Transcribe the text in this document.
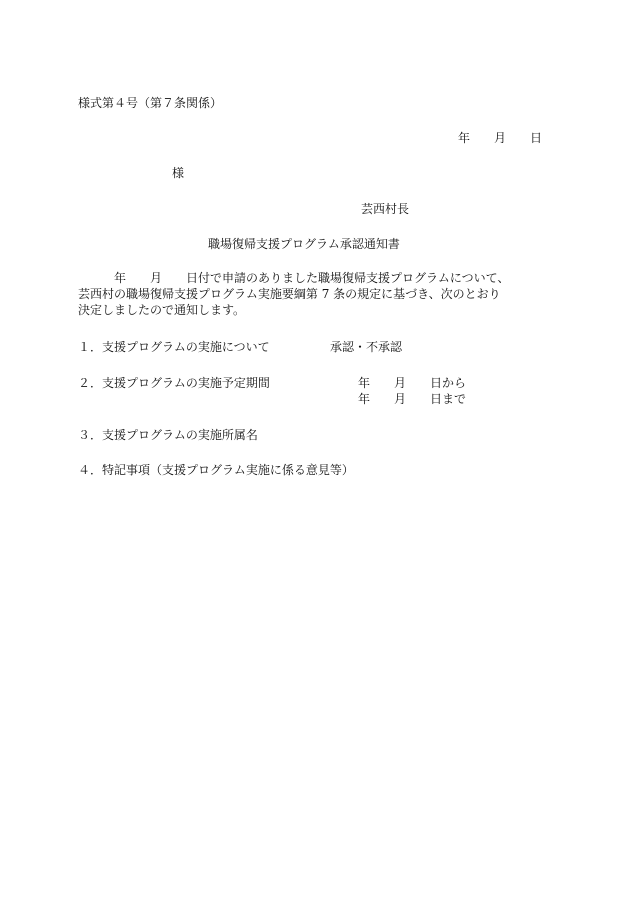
様式第４号（第７条関係）
年　　月　　日
様
芸西村長
職場復帰支援プログラム承認通知書
　　　年　　月　　日付で申請のありました職場復帰支援プログラムについて、
芸西村の職場復帰支援プログラム実施要綱第 7 条の規定に基づき、次のとおり
決定しましたので通知します。
１．支援プログラムの実施について	承認・不承認
２．支援プログラムの実施予定期間	年　　月　　日から
年　　月　　日まで
３．支援プログラムの実施所属名
４．特記事項（支援プログラム実施に係る意見等）
